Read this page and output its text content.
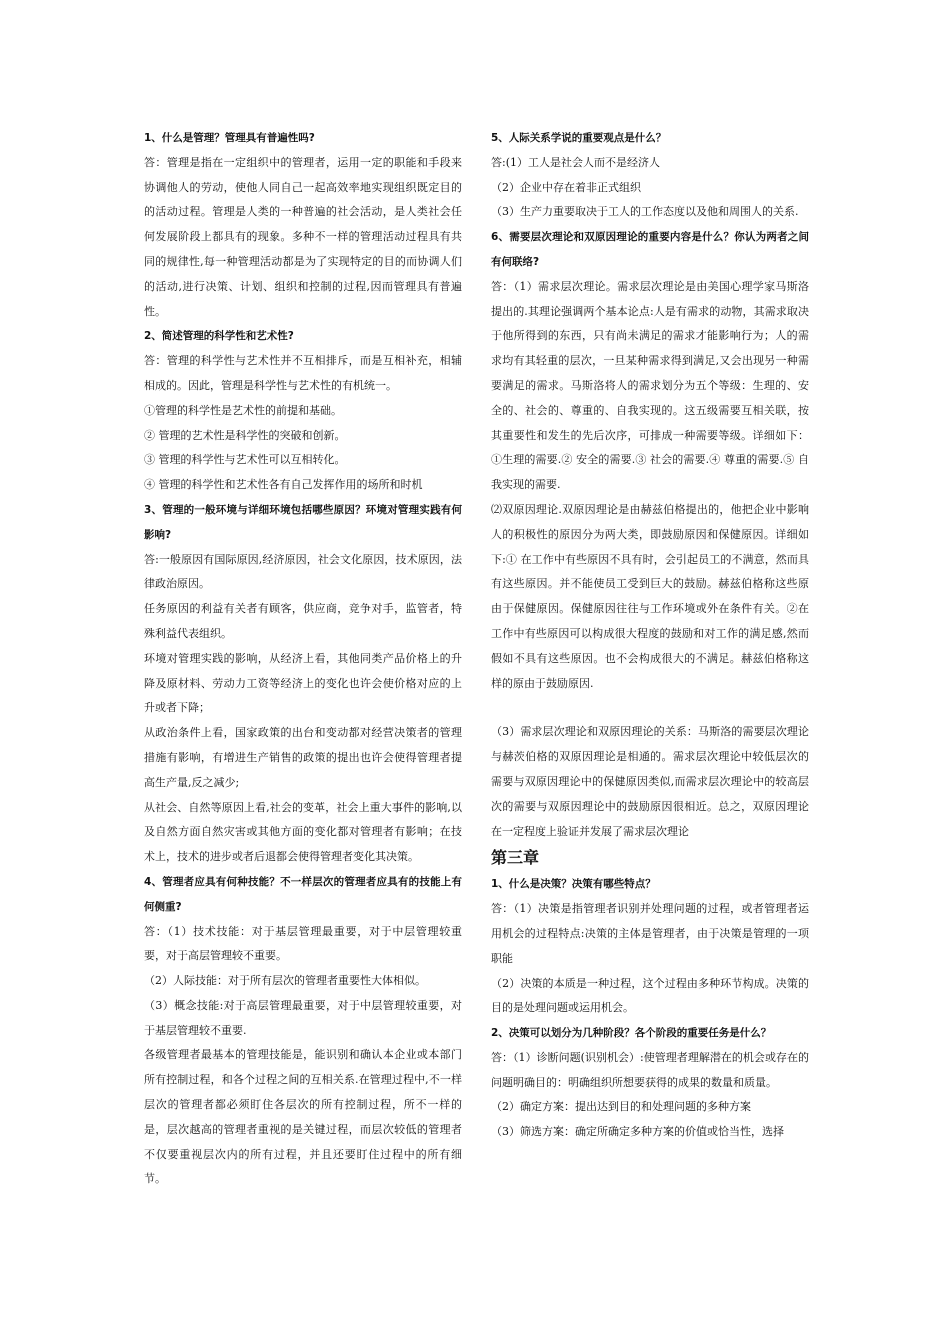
1、什么是管理？管理具有普遍性吗?

答：管理是指在一定组织中的管理者，运用一定的职能和手段来协调他人的劳动，使他人同自己一起高效率地实现组织既定目的的活动过程。管理是人类的一种普遍的社会活动，是人类社会任何发展阶段上都具有的现象。多种不一样的管理活动过程具有共同的规律性,每一种管理活动都是为了实现特定的目的而协调人们的活动,进行决策、计划、组织和控制的过程,因而管理具有普遍性。

2、简述管理的科学性和艺术性?

答：管理的科学性与艺术性并不互相排斥，而是互相补充，相辅相成的。因此，管理是科学性与艺术性的有机统一。

①管理的科学性是艺术性的前提和基础。

② 管理的艺术性是科学性的突破和创新。

③ 管理的科学性与艺术性可以互相转化。

④ 管理的科学性和艺术性各有自己发挥作用的场所和时机

3、管理的一般环境与详细环境包括哪些原因？环境对管理实践有何影响?

答:一般原因有国际原因,经济原因，社会文化原因，技术原因，法律政治原因。

任务原因的利益有关者有顾客，供应商，竞争对手，监管者，特殊利益代表组织。

环境对管理实践的影响，从经济上看，其他同类产品价格上的升降及原材料、劳动力工资等经济上的变化也许会使价格对应的上升或者下降；

从政治条件上看，国家政策的出台和变动都对经营决策者的管理措施有影响，有增进生产销售的政策的提出也许会使得管理者提高生产量,反之减少;

从社会、自然等原因上看,社会的变革，社会上重大事件的影响,以及自然方面自然灾害或其他方面的变化都对管理者有影响；在技术上，技术的进步或者后退都会使得管理者变化其决策。

4、管理者应具有何种技能？不一样层次的管理者应具有的技能上有何侧重?

答：（1）技术技能：对于基层管理最重要，对于中层管理较重要，对于高层管理较不重要。

（2）人际技能：对于所有层次的管理者重要性大体相似。

（3）概念技能:对于高层管理最重要，对于中层管理较重要，对于基层管理较不重要.

各级管理者最基本的管理技能是，能识别和确认本企业或本部门所有控制过程，和各个过程之间的互相关系.在管理过程中,不一样层次的管理者都必须盯住各层次的所有控制过程，所不一样的是，层次越高的管理者重视的是关键过程，而层次较低的管理者不仅要重视层次内的所有过程，并且还要盯住过程中的所有细节。

5、人际关系学说的重要观点是什么？

答:(1）工人是社会人而不是经济人

（2）企业中存在着非正式组织

（3）生产力重要取决于工人的工作态度以及他和周围人的关系.

6、需要层次理论和双原因理论的重要内容是什么？你认为两者之间有何联络?

答：（1）需求层次理论。需求层次理论是由美国心理学家马斯洛提出的.其理论强调两个基本论点:人是有需求的动物，其需求取决于他所得到的东西，只有尚未满足的需求才能影响行为；人的需求均有其轻重的层次，一旦某种需求得到满足,又会出现另一种需要满足的需求。马斯洛将人的需求划分为五个等级：生理的、安全的、社会的、尊重的、自我实现的。这五级需要互相关联，按其重要性和发生的先后次序，可排成一种需要等级。详细如下：①生理的需要.② 安全的需要.③ 社会的需要.④ 尊重的需要.⑤ 自我实现的需要.

⑵双原因理论.双原因理论是由赫兹伯格提出的，他把企业中影响人的积极性的原因分为两大类，即鼓励原因和保健原因。详细如下:① 在工作中有些原因不具有时，会引起员工的不满意，然而具有这些原因。并不能使员工受到巨大的鼓励。赫兹伯格称这些原由于保健原因。保健原因往往与工作环境或外在条件有关。②在工作中有些原因可以构成很大程度的鼓励和对工作的满足感,然而假如不具有这些原因。也不会构成很大的不满足。赫兹伯格称这样的原由于鼓励原因.

（3）需求层次理论和双原因理论的关系：马斯洛的需要层次理论与赫茨伯格的双原因理论是相通的。需求层次理论中较低层次的需要与双原因理论中的保健原因类似,而需求层次理论中的较高层次的需要与双原因理论中的鼓励原因很相近。总之，双原因理论在一定程度上验证并发展了需求层次理论

第三章

1、什么是决策？决策有哪些特点？

答：（1）决策是指管理者识别并处理问题的过程，或者管理者运用机会的过程特点:决策的主体是管理者，由于决策是管理的一项职能

（2）决策的本质是一种过程，这个过程由多种环节构成。决策的目的是处理问题或运用机会。

2、决策可以划分为几种阶段？各个阶段的重要任务是什么？

答：（1）诊断问题(识别机会）:使管理者理解潜在的机会或存在的问题明确目的：明确组织所想要获得的成果的数量和质量。

（2）确定方案：提出达到目的和处理问题的多种方案

（3）筛选方案：确定所确定多种方案的价值或恰当性，选择
